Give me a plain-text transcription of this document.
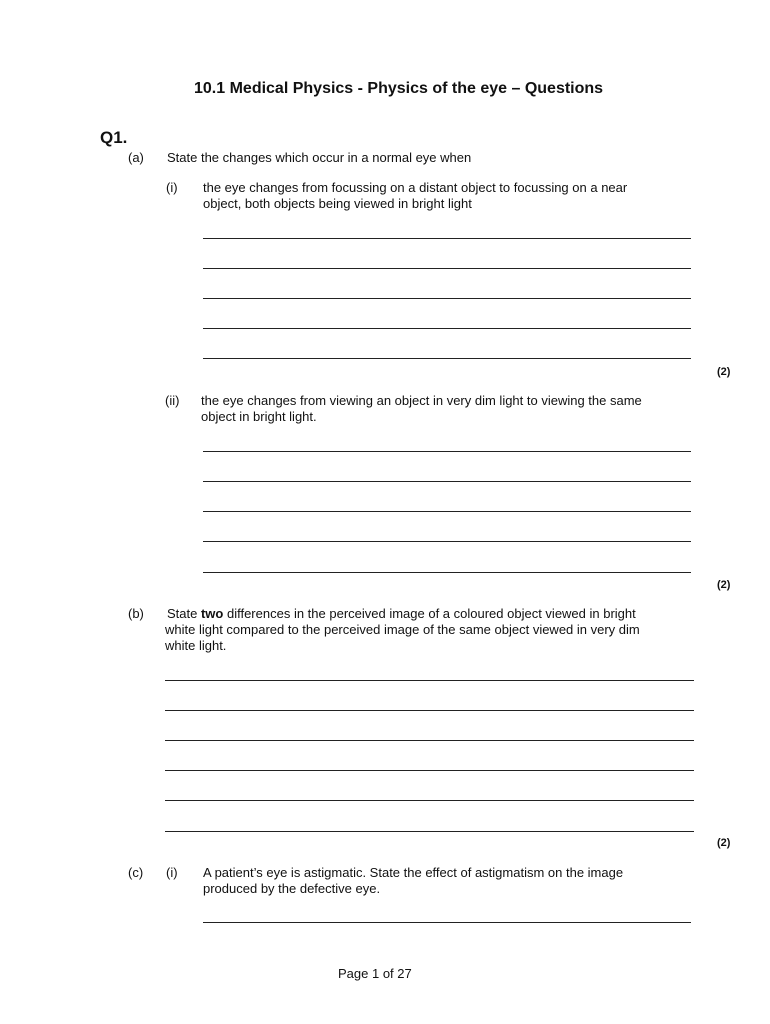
10.1 Medical Physics - Physics of the eye – Questions
Q1.
(a) State the changes which occur in a normal eye when
(i) the eye changes from focussing on a distant object to focussing on a near
object, both objects being viewed in bright light
(2)
(ii) the eye changes from viewing an object in very dim light to viewing the same
object in bright light.
(2)
(b) State two differences in the perceived image of a coloured object viewed in bright
white light compared to the perceived image of the same object viewed in very dim
white light.
(2)
(c) (i) A patient’s eye is astigmatic. State the effect of astigmatism on the image
produced by the defective eye.
Page 1 of 27
